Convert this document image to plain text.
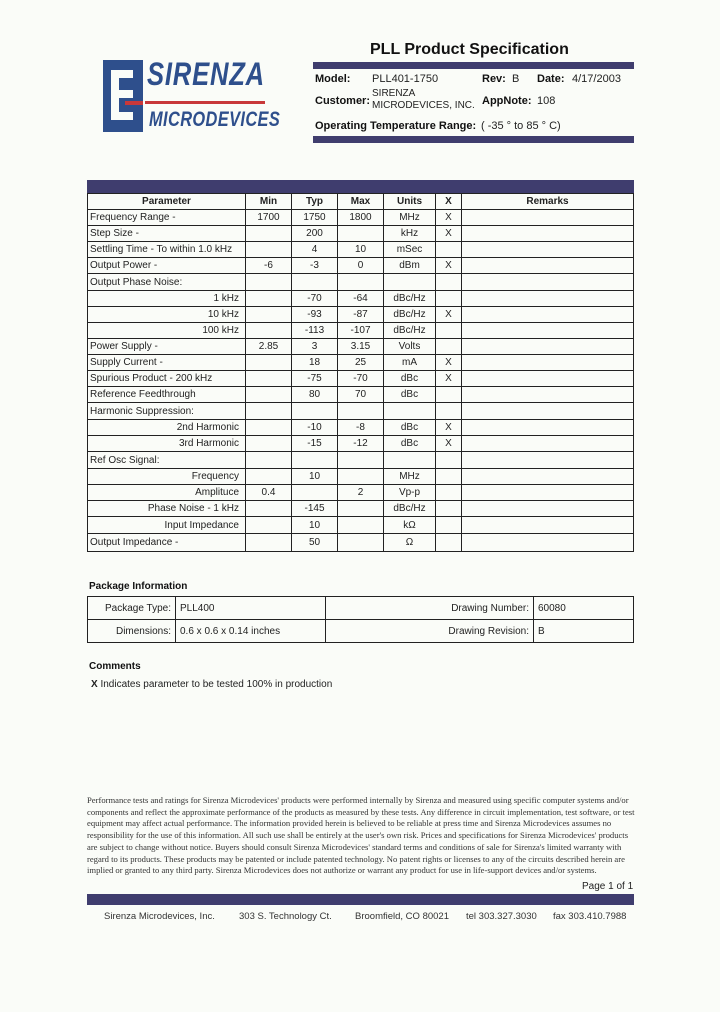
SIRENZA
MICRODEVICES
PLL Product Specification
Model: PLL401-1750	Rev: B Date: 4/17/2003
Customer:
SIRENZA
MICRODEVICES, INC. AppNote: 108
Operating Temperature Range: ( -35 ° to 85 ° C)
Parameter	Min	Typ	Max	Units	X	Remarks
Frequency Range -	1700	1750	1800	MHz	X	
Step Size -		200		kHz	X	
Settling Time - To within 1.0 kHz		4	10	mSec		
Output Power -	-6	-3	0	dBm	X	
Output Phase Noise:						
1 kHz		-70	-64	dBc/Hz		
10 kHz		-93	-87	dBc/Hz	X	
100 kHz		-113	-107	dBc/Hz		
Power Supply -	2.85	3	3.15	Volts		
Supply Current -		18	25	mA	X	
Spurious Product - 200 kHz		-75	-70	dBc	X	
Reference Feedthrough		80	70	dBc		
Harmonic Suppression:						
2nd Harmonic		-10	-8	dBc	X	
3rd Harmonic		-15	-12	dBc	X	
Ref Osc Signal:						
Frequency		10		MHz		
Amplituce	0.4		2	Vp-p		
Phase Noise - 1 kHz		-145		dBc/Hz		
Input Impedance		10		kΩ		
Output Impedance -		50		Ω		
Package Information
Package Type:	PLL400	Drawing Number:	60080
Dimensions:	0.6 x 0.6 x 0.14 inches	Drawing Revision:	B
Comments
X Indicates parameter to be tested 100% in production
Performance tests and ratings for Sirenza Microdevices' products were performed internally by Sirenza and measured using specific computer systems and/or components and reflect the approximate performance of the products as measured by these tests. Any difference in circuit implementation, test software, or test equipment may affect actual performance. The information provided herein is believed to be reliable at press time and Sirenza Microdevices assumes no responsibility for the use of this information. All such use shall be entirely at the user's own risk. Prices and specifications for Sirenza Microdevices' products are subject to change without notice. Buyers should consult Sirenza Microdevices' standard terms and conditions of sale for Sirenza's limited warranty with regard to its products. These products may be patented or include patented technology. No patent rights or licenses to any of the circuits described herein are implied or granted to any third party. Sirenza Microdevices does not authorize or warrant any product for use in life-support devices and/or systems.
Page 1 of 1
Sirenza Microdevices, Inc.	303 S. Technology Ct. Broomfield, CO 80021 tel 303.327.3030 fax 303.410.7988
